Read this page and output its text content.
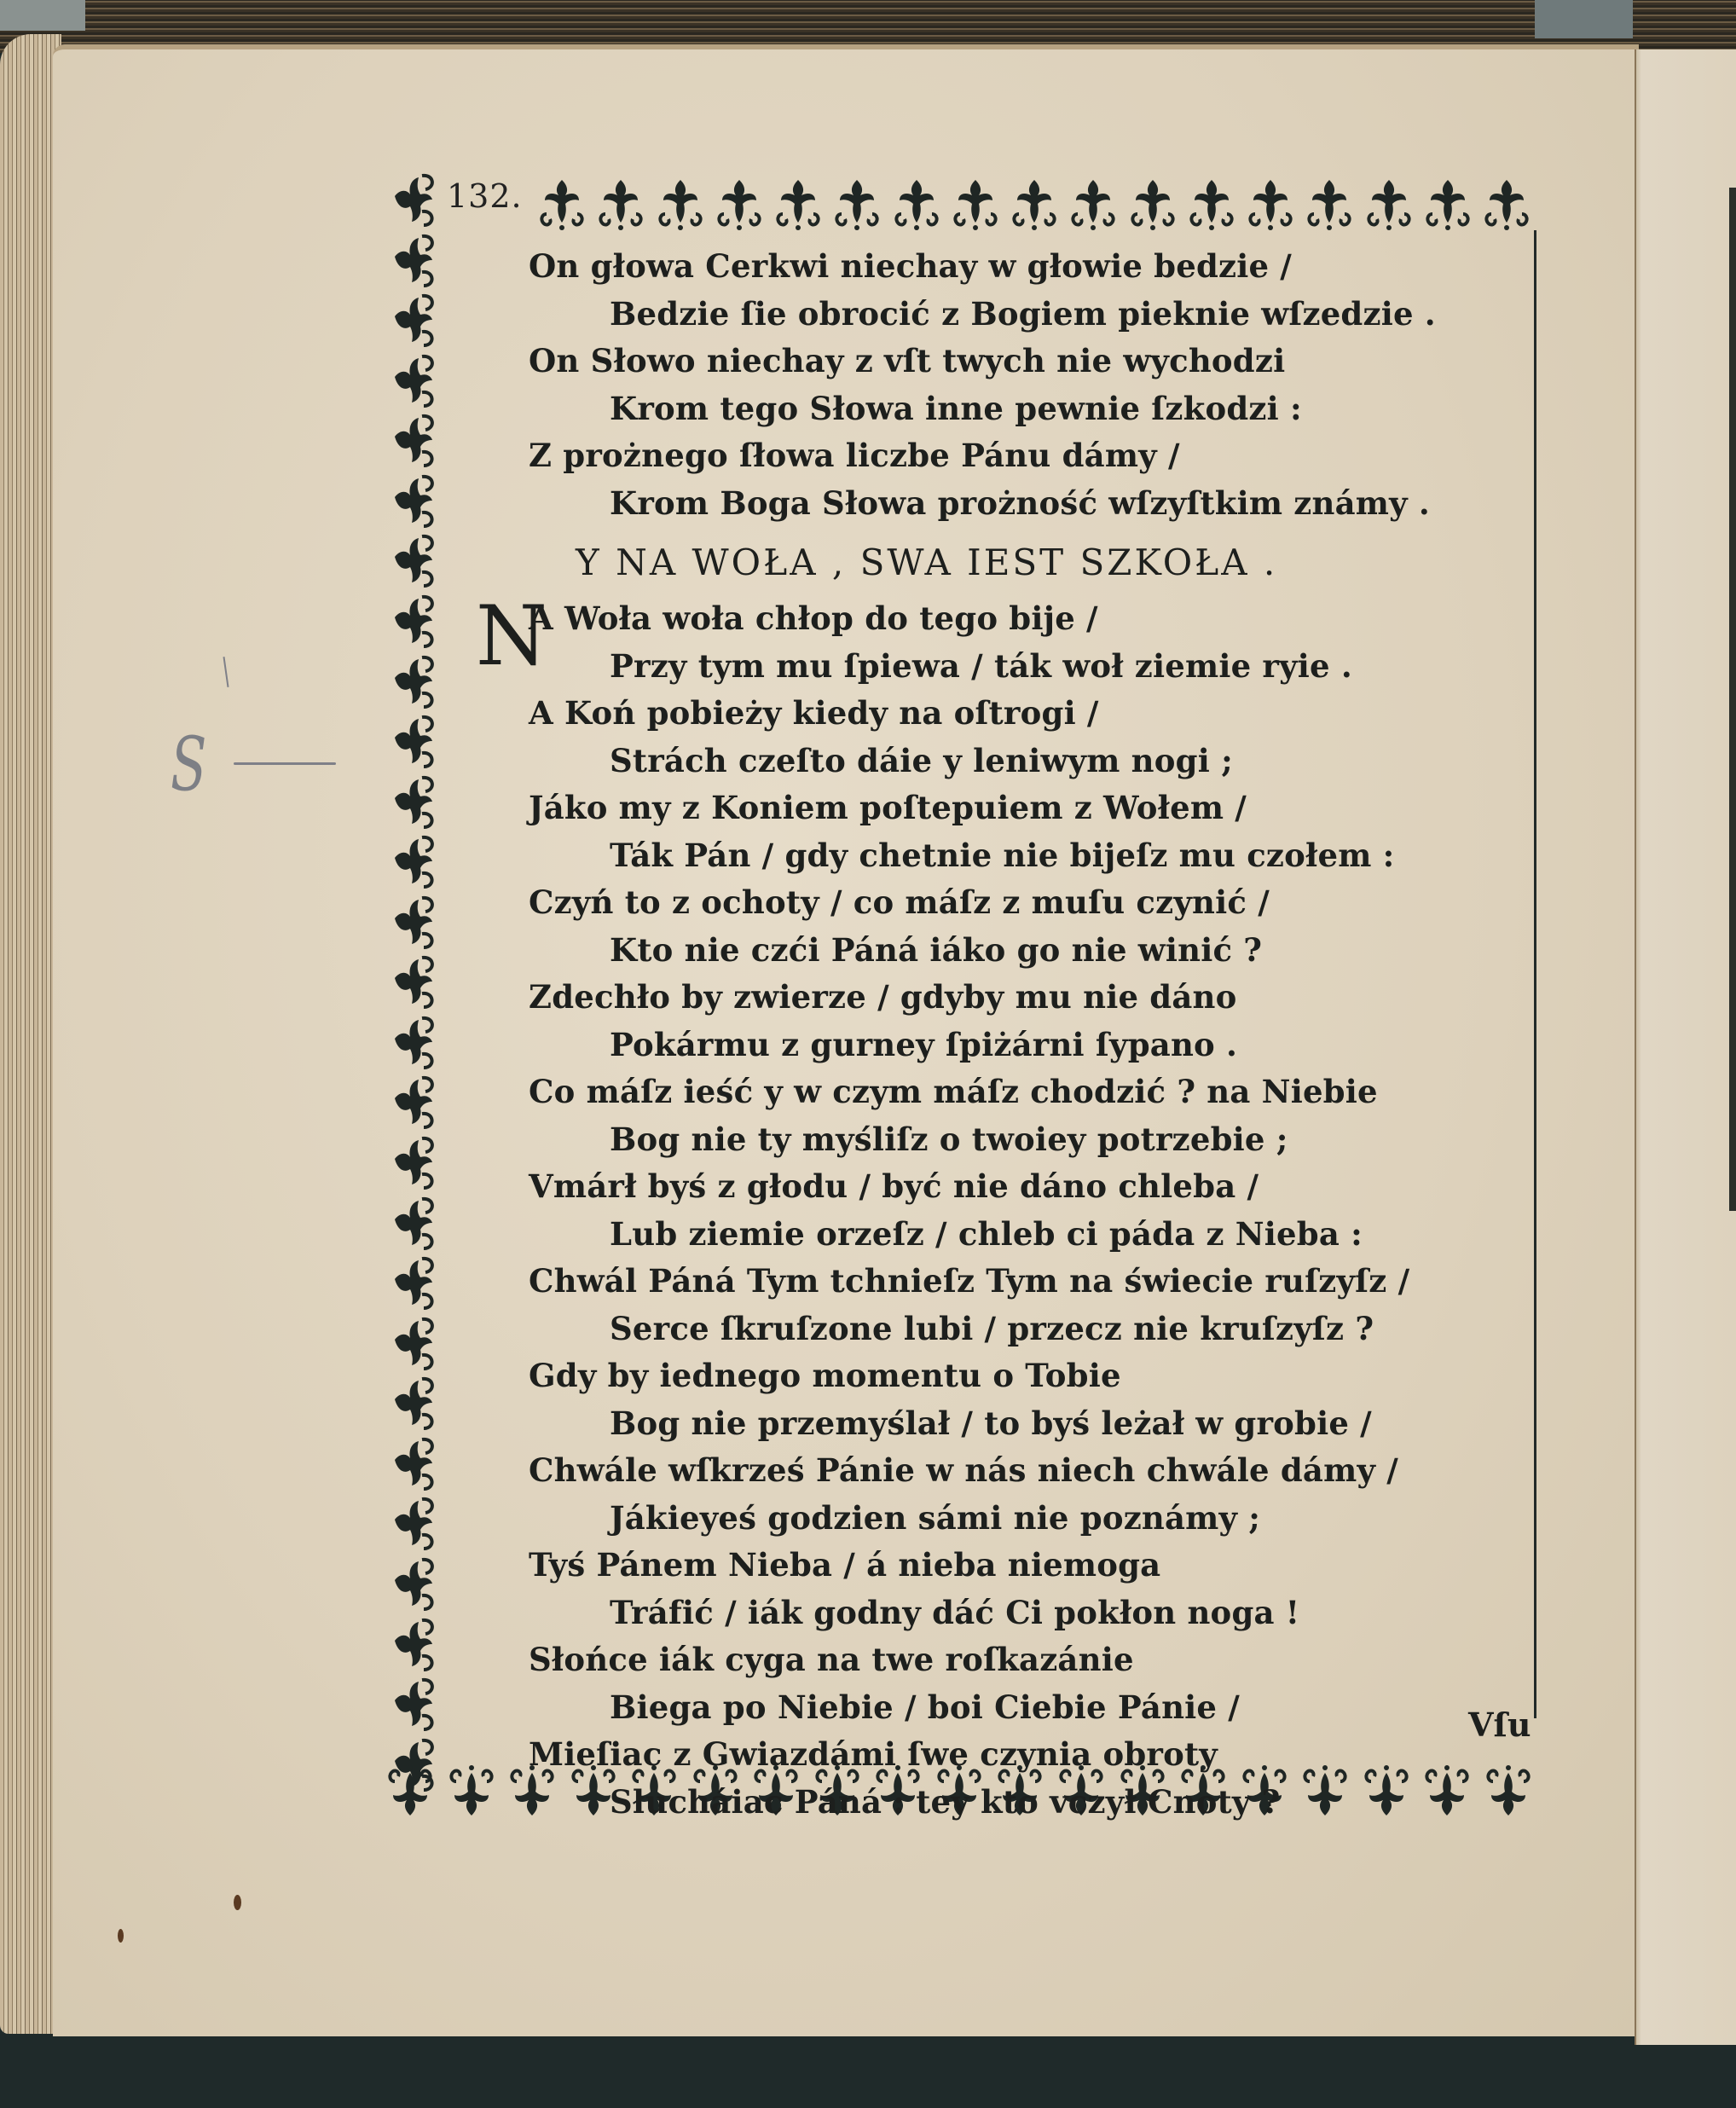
S
132.
On głowa Cerkwi niechay w głowie bedzie /
Bedzie ſie obrocić z Bogiem pieknie wſzedzie .
On Słowo niechay z vſt twych nie wychodzi
Krom tego Słowa inne pewnie ſzkodzi :
Z prożnego ſłowa liczbe Pánu dámy /
Krom Boga Słowa prożność wſzyſtkim známy .
Y NA WOŁA , SWA IEST SZKOŁA .
N
A Woła woła chłop do tego bije /
Przy tym mu ſpiewa / ták woł ziemie ryie .
A Koń pobieży kiedy na oſtrogi /
Strách czeſto dáie y leniwym nogi ;
Jáko my z Koniem poſtepuiem z Wołem /
Ták Pán / gdy chetnie nie bijeſz mu czołem :
Czyń to z ochoty / co máſz z muſu czynić /
Kto nie czći Páná iáko go nie winić ?
Zdechło by zwierze / gdyby mu nie dáno
Pokármu z gurney ſpiżárni ſypano .
Co máſz ieść y w czym máſz chodzić ? na Niebie
Bog nie ty myśliſz o twoiey potrzebie ;
Vmárł byś z głodu / być nie dáno chleba /
Lub ziemie orzeſz / chleb ci páda z Nieba :
Chwál Páná Tym tchnieſz Tym na świecie ruſzyſz /
Serce ſkruſzone lubi / przecz nie kruſzyſz ?
Gdy by iednego momentu o Tobie
Bog nie przemyślał / to byś leżał w grobie /
Chwále wſkrześ Pánie w nás niech chwále dámy /
Jákieyeś godzien sámi nie poznámy ;
Tyś Pánem Nieba / á nieba niemoga
Tráfić / iák godny dáć Ci pokłon noga !
Słońce iák cyga na twe roſkazánie
Biega po Niebie / boi Ciebie Pánie /
Mieſiac z Gwiazdámi ſwe czynia obroty
Słucháiac Páná : tey kto vczył Cnoty ?
Vſu
